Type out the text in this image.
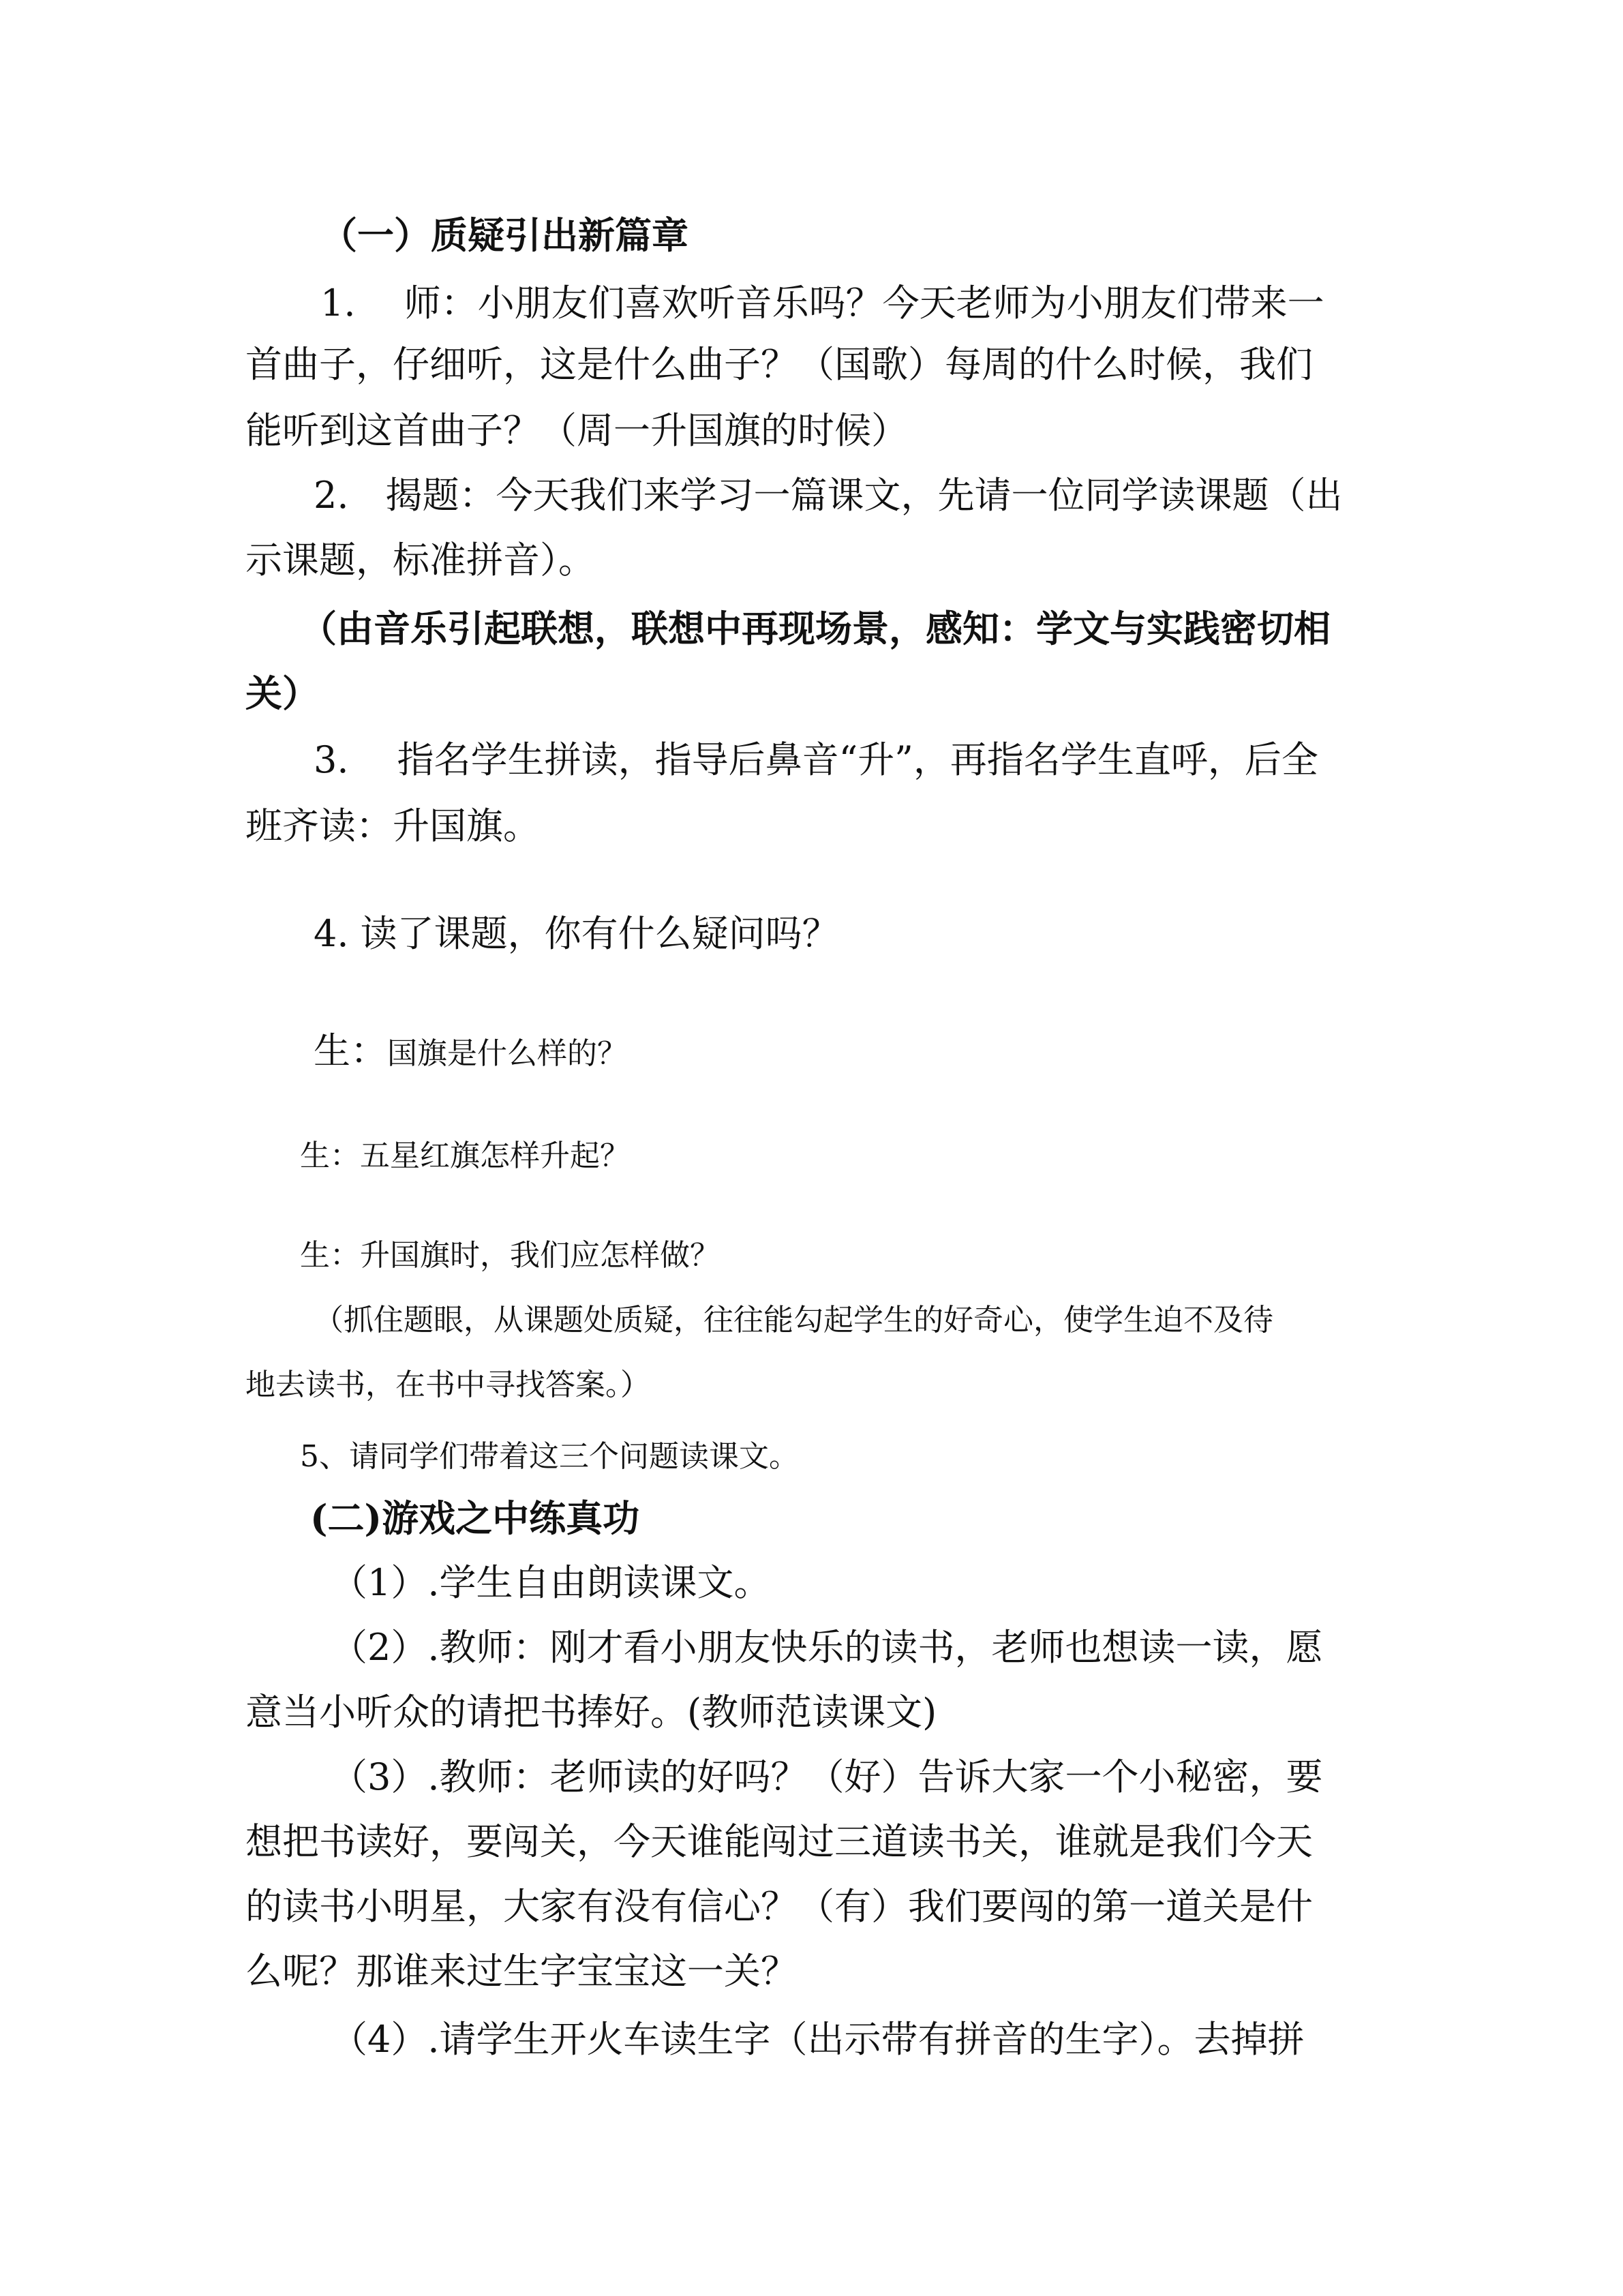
（一）质疑引出新篇章

1.　 师：小朋友们喜欢听音乐吗？今天老师为小朋友们带来一

首曲子，仔细听，这是什么曲子？（国歌）每周的什么时候，我们

能听到这首曲子？（周一升国旗的时候）

2.　揭题：今天我们来学习一篇课文，先请一位同学读课题（出

示课题，标准拼音）。

（由音乐引起联想，联想中再现场景，感知：学文与实践密切相

关）

3.　 指名学生拼读，指导后鼻音“升”，再指名学生直呼，后全

班齐读：升国旗。

4. 读了课题，你有什么疑问吗？

生：国旗是什么样的？

生：五星红旗怎样升起？

生：升国旗时，我们应怎样做？

（抓住题眼，从课题处质疑，往往能勾起学生的好奇心，使学生迫不及待

地去读书，在书中寻找答案。）

5、请同学们带着这三个问题读课文。

(二)游戏之中练真功

（1）.学生自由朗读课文。

（2）.教师：刚才看小朋友快乐的读书，老师也想读一读，愿

意当小听众的请把书捧好。(教师范读课文)

（3）.教师：老师读的好吗？（好）告诉大家一个小秘密，要

想把书读好，要闯关，今天谁能闯过三道读书关，谁就是我们今天

的读书小明星，大家有没有信心？（有）我们要闯的第一道关是什

么呢？那谁来过生字宝宝这一关？

（4）.请学生开火车读生字（出示带有拼音的生字）。去掉拼
